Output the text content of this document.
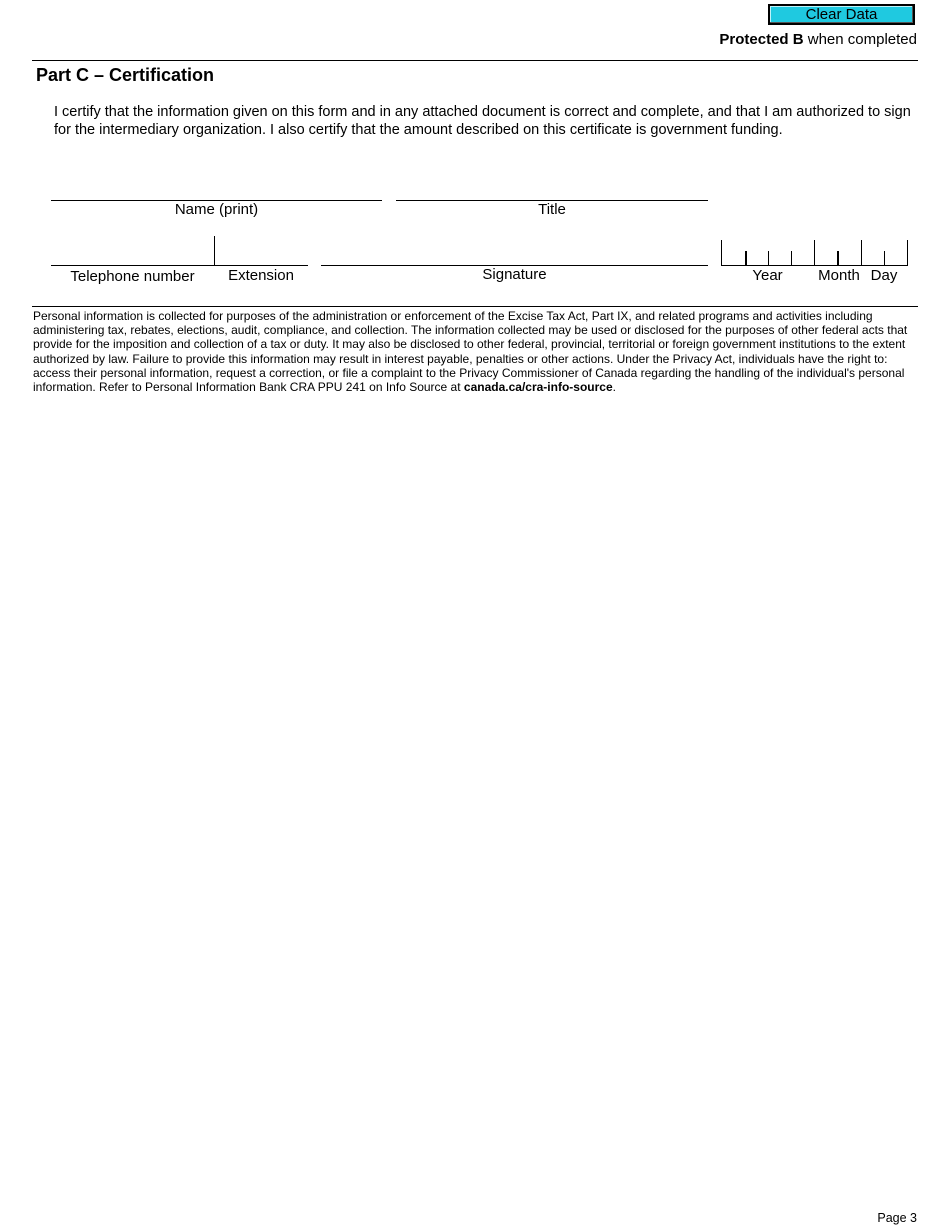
Clear Data
Protected B when completed
Part C – Certification
I certify that the information given on this form and in any attached document is correct and complete, and that I am authorized to sign for the intermediary organization. I also certify that the amount described on this certificate is government funding.
Name (print)	Title
Telephone number	Extension	Signature	Year	Month Day
Personal information is collected for purposes of the administration or enforcement of the Excise Tax Act, Part IX, and related programs and activities including administering tax, rebates, elections, audit, compliance, and collection. The information collected may be used or disclosed for the purposes of other federal acts that provide for the imposition and collection of a tax or duty. It may also be disclosed to other federal, provincial, territorial or foreign government institutions to the extent authorized by law. Failure to provide this information may result in interest payable, penalties or other actions. Under the Privacy Act, individuals have the right to: access their personal information, request a correction, or file a complaint to the Privacy Commissioner of Canada regarding the handling of the individual's personal information. Refer to Personal Information Bank CRA PPU 241 on Info Source at canada.ca/cra-info-source.
Page 3
